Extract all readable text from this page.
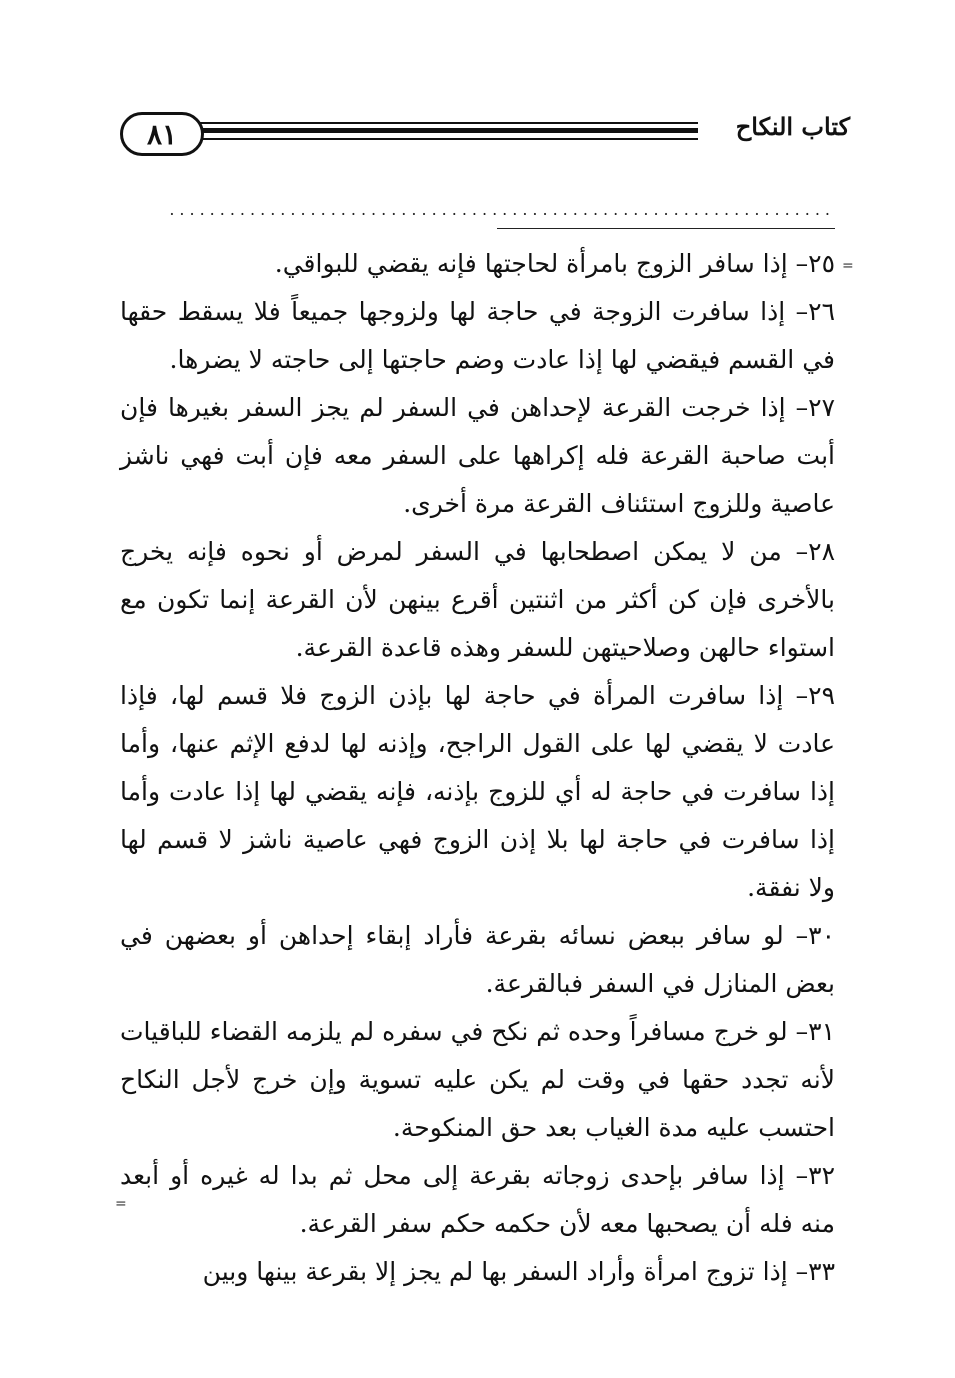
٨١	كتاب النكاح
..................................................................
=
=

٢٥– إذا سافر الزوج بامرأة لحاجتها فإنه يقضي للبواقي.

٢٦– إذا سافرت الزوجة في حاجة لها ولزوجها جميعاً فلا يسقط حقها في القسم فيقضي لها إذا عادت وضم حاجتها إلى حاجته لا يضرها.

٢٧– إذا خرجت القرعة لإحداهن في السفر لم يجز السفر بغيرها فإن أبت صاحبة القرعة فله إكراهها على السفر معه فإن أبت فهي ناشز عاصية وللزوج استئناف القرعة مرة أخرى.

٢٨– من لا يمكن اصطحابها في السفر لمرض أو نحوه فإنه يخرج بالأخرى فإن كن أكثر من اثنتين أقرع بينهن لأن القرعة إنما تكون مع استواء حالهن وصلاحيتهن للسفر وهذه قاعدة القرعة.

٢٩– إذا سافرت المرأة في حاجة لها بإذن الزوج فلا قسم لها، فإذا عادت لا يقضي لها على القول الراجح، وإذنه لها لدفع الإثم عنها، وأما إذا سافرت في حاجة له أي للزوج بإذنه، فإنه يقضي لها إذا عادت وأما إذا سافرت في حاجة لها بلا إذن الزوج فهي عاصية ناشز لا قسم لها ولا نفقة.

٣٠– لو سافر ببعض نسائه بقرعة فأراد إبقاء إحداهن أو بعضهن في بعض المنازل في السفر فبالقرعة.

٣١– لو خرج مسافراً وحده ثم نكح في سفره لم يلزمه القضاء للباقيات لأنه تجدد حقها في وقت لم يكن عليه تسوية وإن خرج لأجل النكاح احتسب عليه مدة الغياب بعد حق المنكوحة.

٣٢– إذا سافر بإحدى زوجاته بقرعة إلى محل ثم بدا له غيره أو أبعد منه فله أن يصحبها معه لأن حكمه حكم سفر القرعة.

٣٣– إذا تزوج امرأة وأراد السفر بها لم يجز إلا بقرعة بينها وبين
